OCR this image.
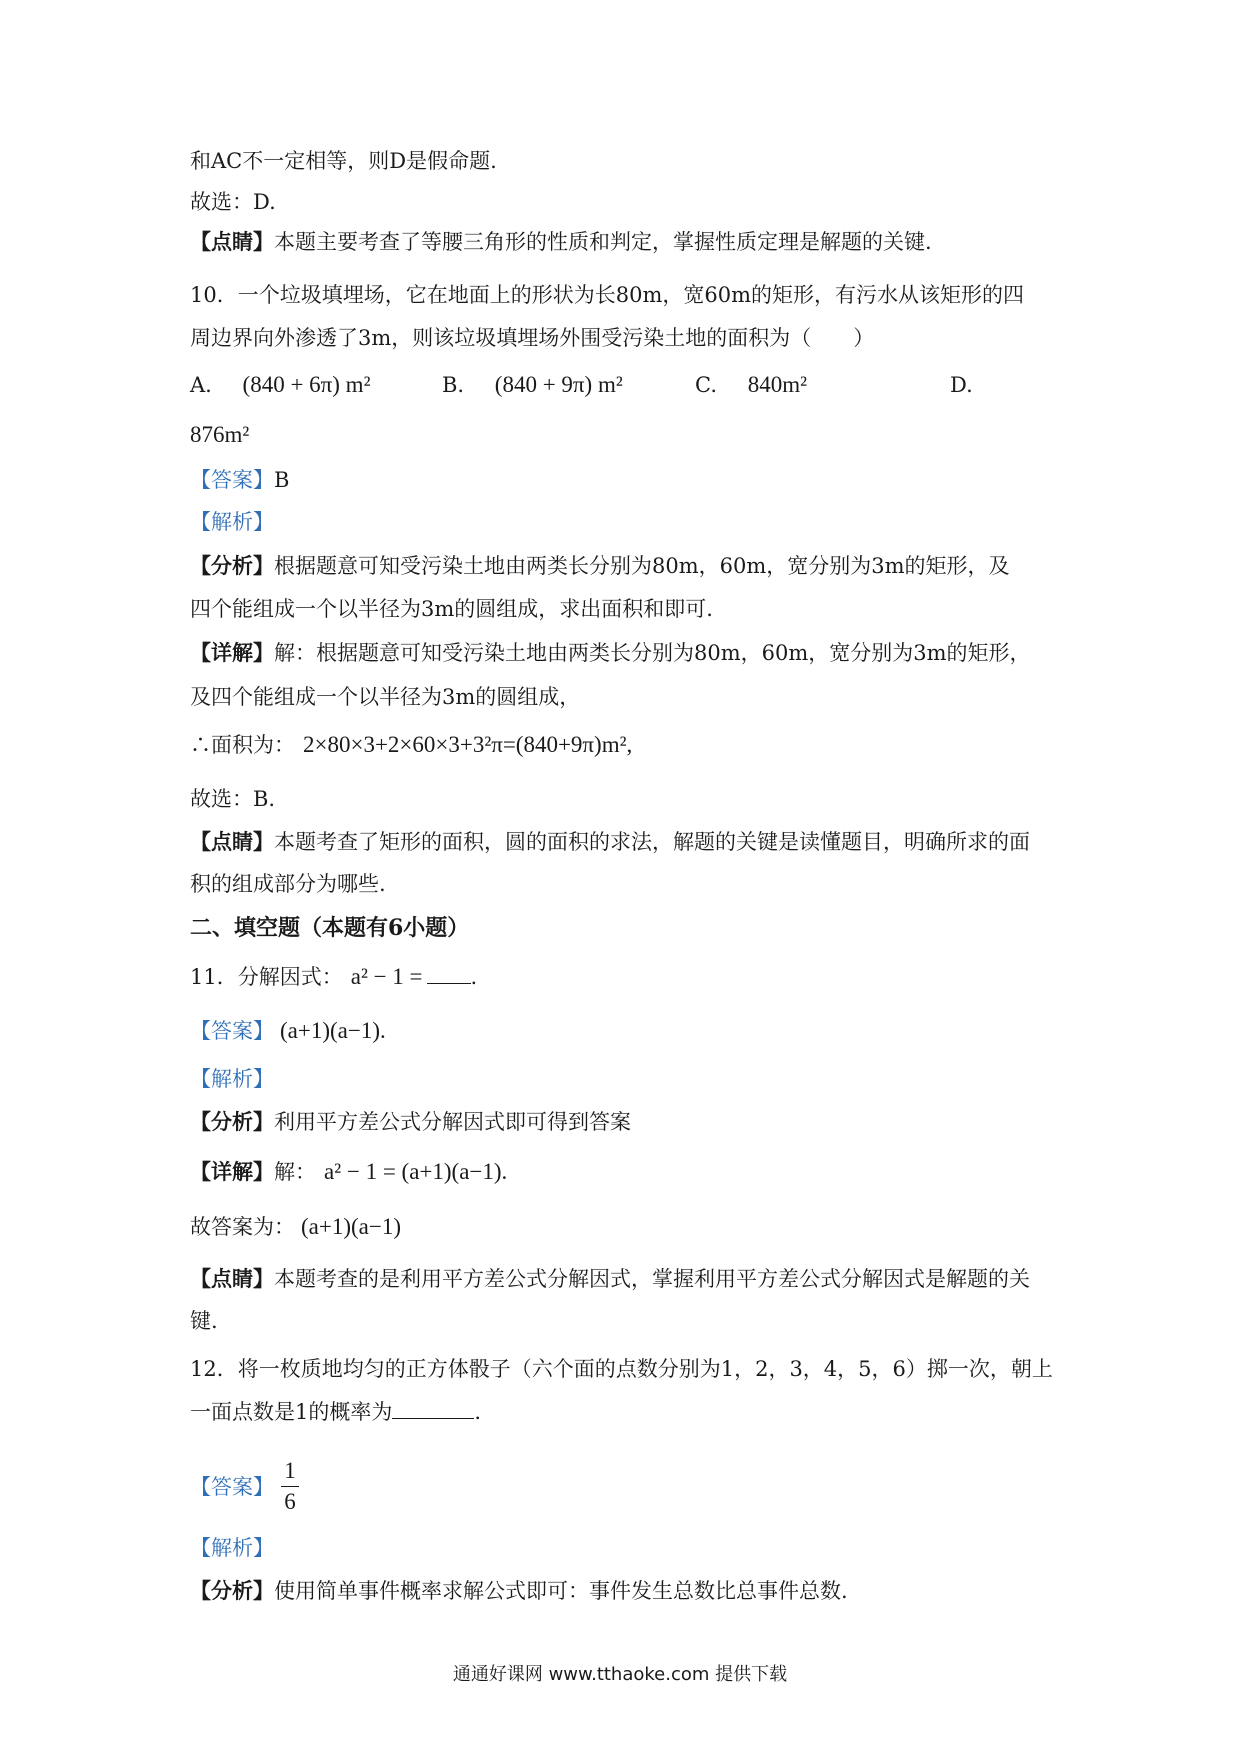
和AC不一定相等，则D是假命题.
故选：D.
【点睛】本题主要考查了等腰三角形的性质和判定，掌握性质定理是解题的关键.
10．一个垃圾填埋场，它在地面上的形状为长80m，宽60m的矩形，有污水从该矩形的四
周边界向外渗透了3m，则该垃圾填埋场外围受污染土地的面积为（　　）
A. (840 + 6π) m²	B. (840 + 9π) m²	C. 840m²	D.
876m²
【答案】B
【解析】
【分析】根据题意可知受污染土地由两类长分别为80m，60m，宽分别为3m的矩形，及
四个能组成一个以半径为3m的圆组成，求出面积和即可.
【详解】解：根据题意可知受污染土地由两类长分别为80m，60m，宽分别为3m的矩形，
及四个能组成一个以半径为3m的圆组成，
∴面积为： 2×80×3+2×60×3+3²π=(840+9π)m²,
故选：B.
【点睛】本题考查了矩形的面积，圆的面积的求法，解题的关键是读懂题目，明确所求的面
积的组成部分为哪些.
二、填空题（本题有6小题）
11．分解因式： a² − 1 = .
【答案】 (a+1)(a−1).
【解析】
【分析】利用平方差公式分解因式即可得到答案
【详解】解： a² − 1 = (a+1)(a−1).
故答案为： (a+1)(a−1)
【点睛】本题考查的是利用平方差公式分解因式，掌握利用平方差公式分解因式是解题的关
键.
12．将一枚质地均匀的正方体骰子（六个面的点数分别为1，2，3，4，5，6）掷一次，朝上
一面点数是1的概率为	.
【答案】
1
6
【解析】
【分析】使用简单事件概率求解公式即可：事件发生总数比总事件总数.
通通好课网 www.tthaoke.com 提供下载
